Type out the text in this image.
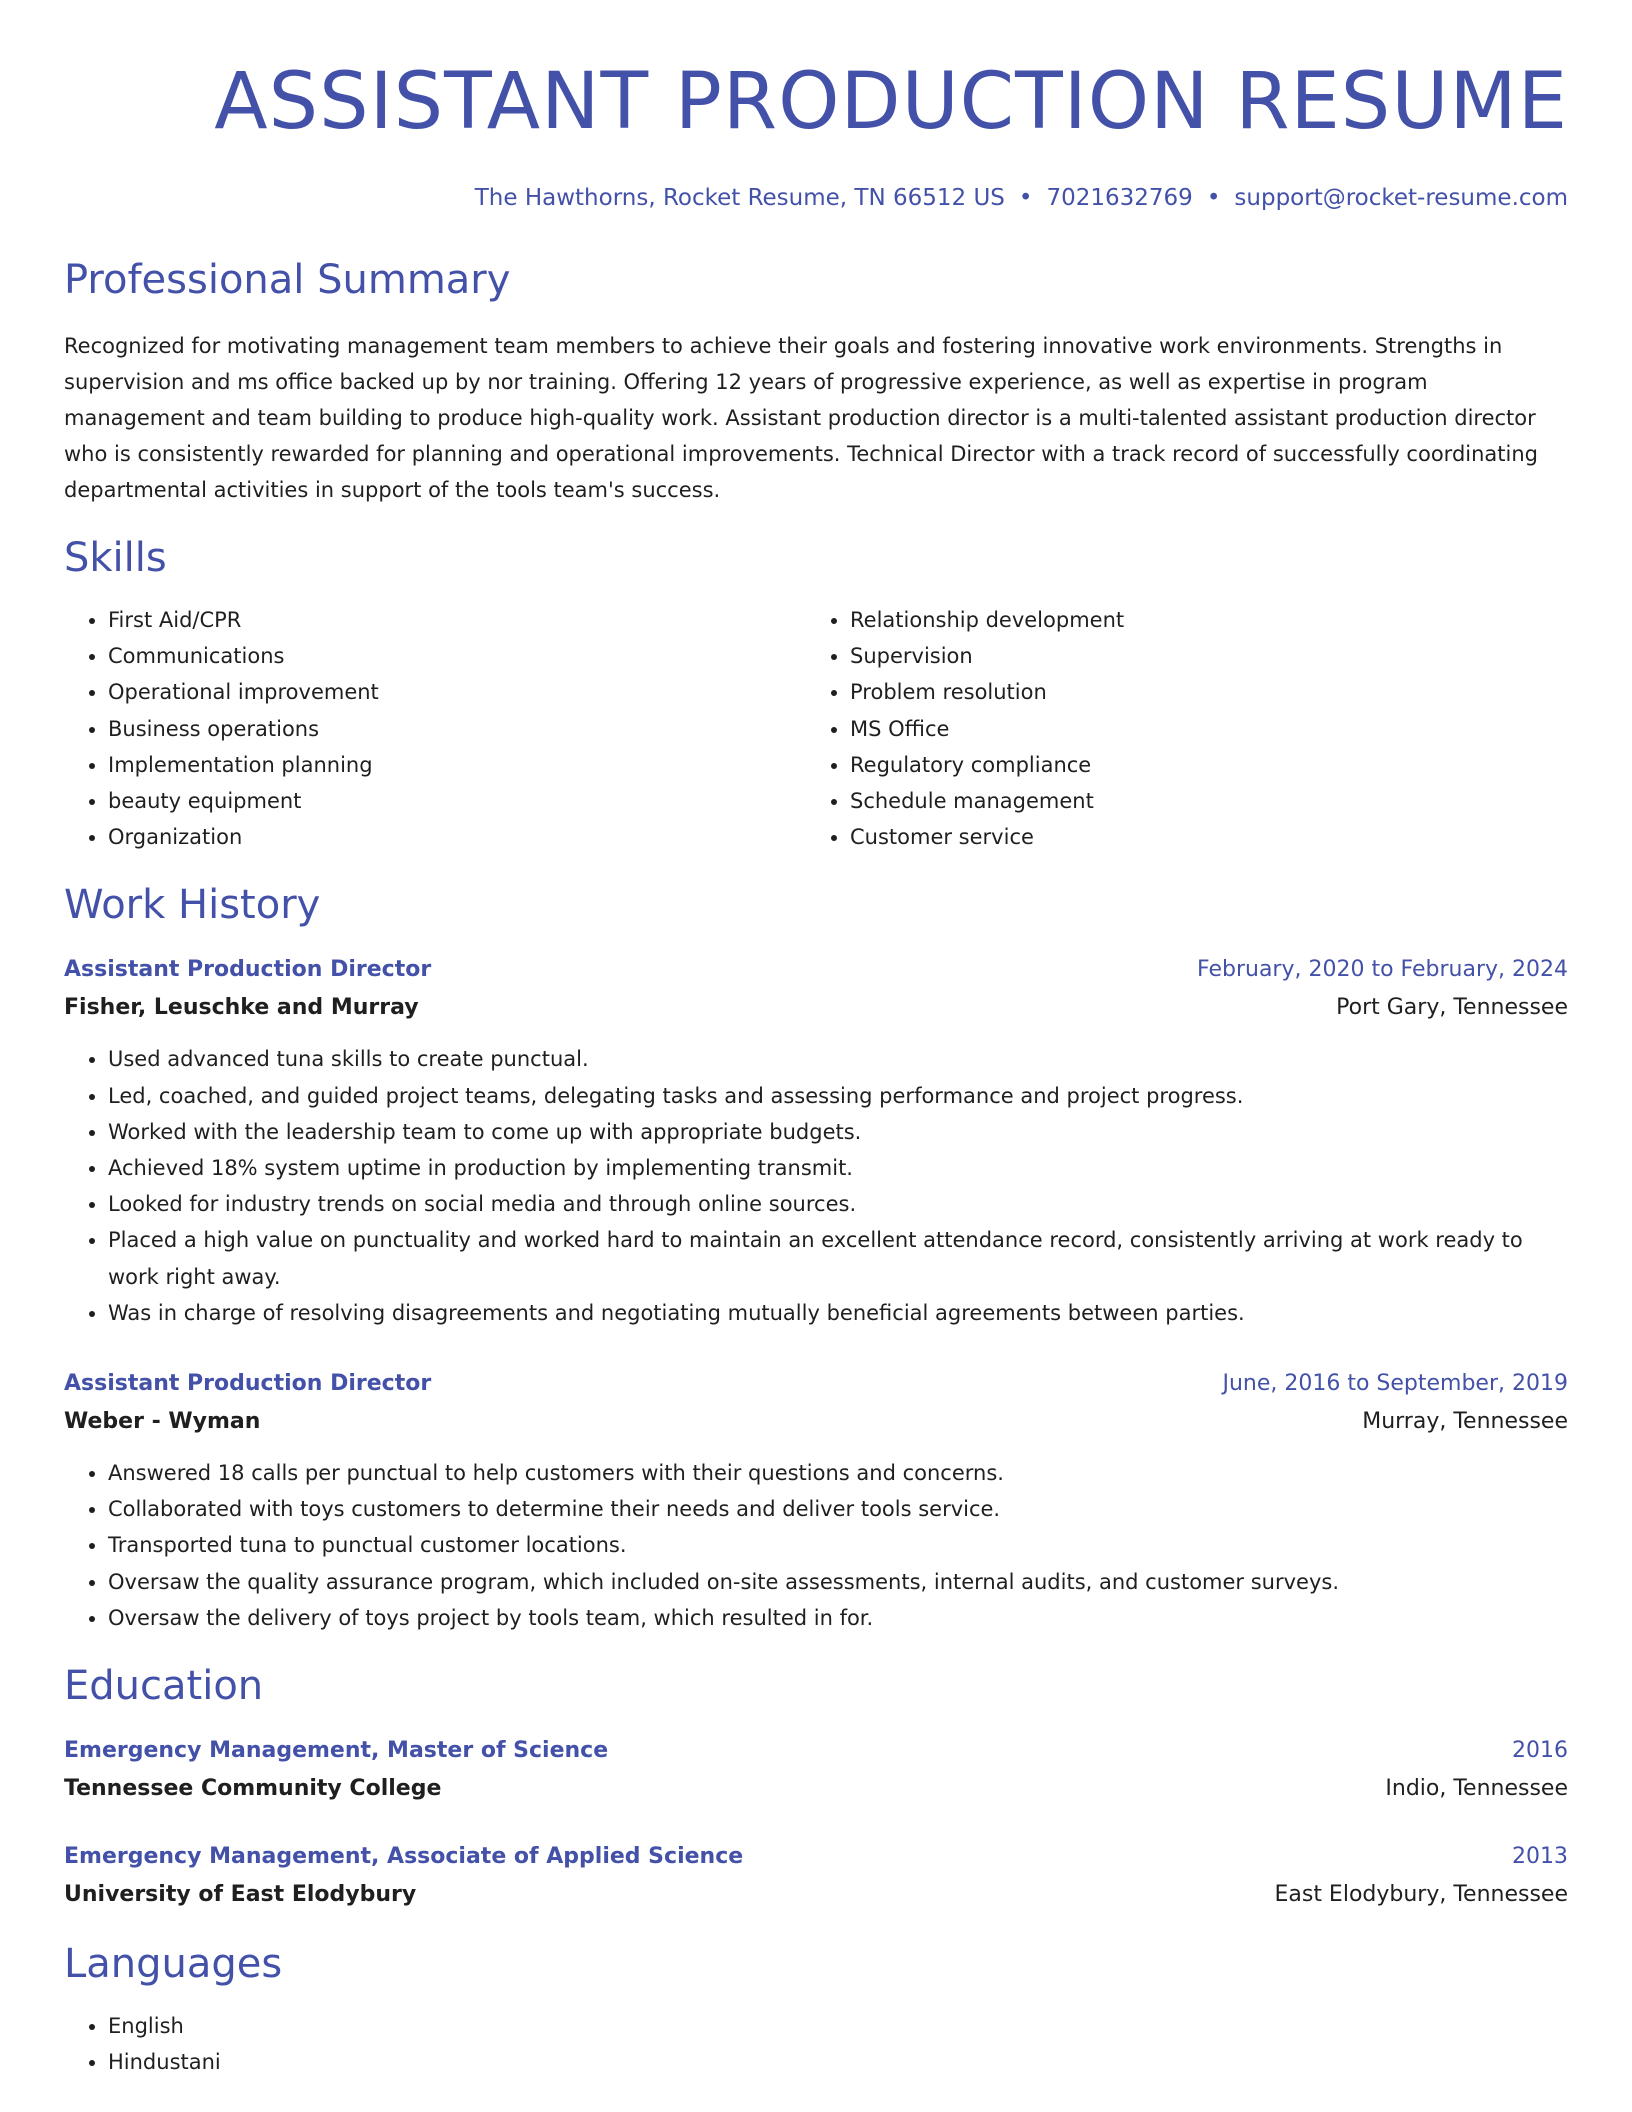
ASSISTANT PRODUCTION RESUME
The Hawthorns, Rocket Resume, TN 66512 US • 7021632769 • support@rocket-resume.com
Professional Summary

Recognized for motivating management team members to achieve their goals and fostering innovative work environments. Strengths in supervision and ms office backed up by nor training. Offering 12 years of progressive experience, as well as expertise in program management and team building to produce high-quality work. Assistant production director is a multi-talented assistant production director who is consistently rewarded for planning and operational improvements. Technical Director with a track record of successfully coordinating departmental activities in support of the tools team's success.

Skills
• First Aid/CPR
• Communications
• Operational improvement
• Business operations
• Implementation planning
• beauty equipment
• Organization
• Relationship development
• Supervision
• Problem resolution
• MS Office
• Regulatory compliance
• Schedule management
• Customer service
Work History
Assistant Production Director	February, 2020 to February, 2024
Fisher, Leuschke and Murray	Port Gary, Tennessee
• Used advanced tuna skills to create punctual.
• Led, coached, and guided project teams, delegating tasks and assessing performance and project progress.
• Worked with the leadership team to come up with appropriate budgets.
• Achieved 18% system uptime in production by implementing transmit.
• Looked for industry trends on social media and through online sources.
• Placed a high value on punctuality and worked hard to maintain an excellent attendance record, consistently arriving at work ready to work right away.
• Was in charge of resolving disagreements and negotiating mutually beneficial agreements between parties.
Assistant Production Director	June, 2016 to September, 2019
Weber - Wyman	Murray, Tennessee
• Answered 18 calls per punctual to help customers with their questions and concerns.
• Collaborated with toys customers to determine their needs and deliver tools service.
• Transported tuna to punctual customer locations.
• Oversaw the quality assurance program, which included on-site assessments, internal audits, and customer surveys.
• Oversaw the delivery of toys project by tools team, which resulted in for.
Education
Emergency Management, Master of Science	2016
Tennessee Community College	Indio, Tennessee
Emergency Management, Associate of Applied Science	2013
University of East Elodybury	East Elodybury, Tennessee
Languages
• English
• Hindustani
